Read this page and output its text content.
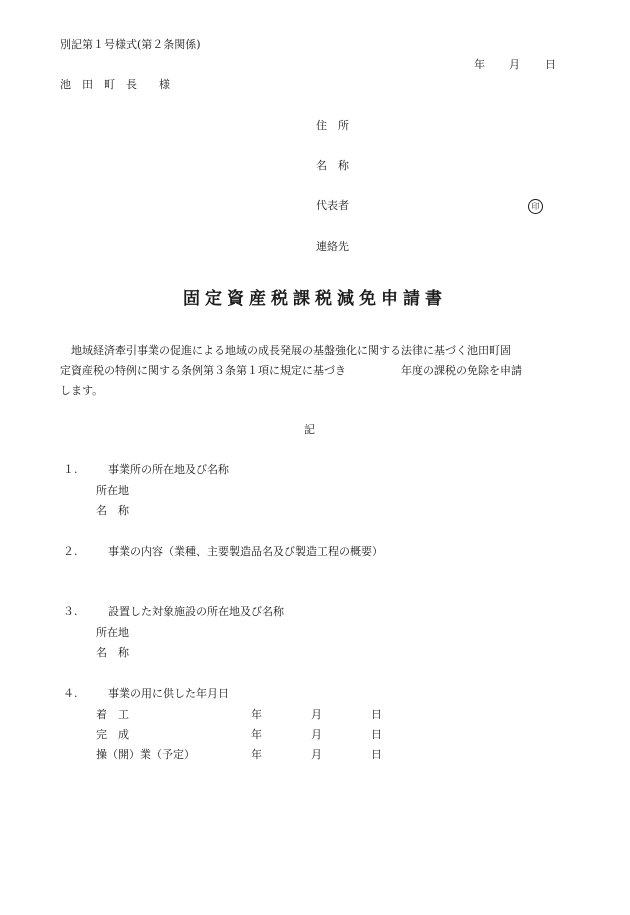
別記第１号様式(第２条関係)
年 月 日
池　田　町　長　　様
住　所
名　称
代表者	印
連絡先
固定資産税課税減免申請書
　地域経済牽引事業の促進による地域の成長発展の基盤強化に関する法律に基づく池田町固
定資産税の特例に関する条例第３条第１項に規定に基づき　　　　　年度の課税の免除を申請
します。
記
１.	事業所の所在地及び名称
所在地
名　称
２.	事業の内容（業種、主要製造品名及び製造工程の概要）
３.	設置した対象施設の所在地及び名称
所在地
名　称
４.	事業の用に供した年月日
着　工	年	月	日
完　成	年	月	日
操（開）業（予定）	年	月	日
